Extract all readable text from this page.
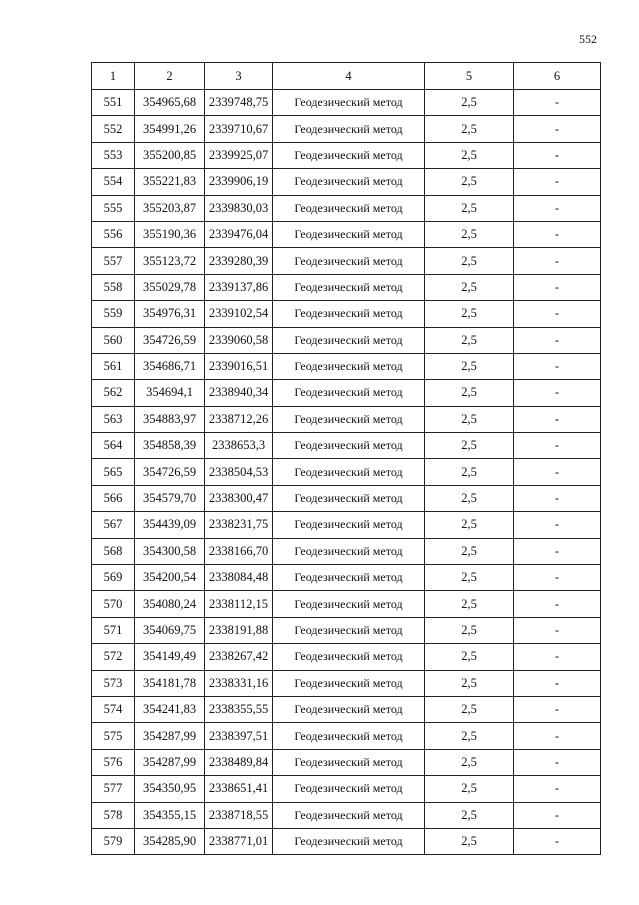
552
1	2	3	4	5	6
551	354965,68	2339748,75	Геодезический метод	2,5	-
552	354991,26	2339710,67	Геодезический метод	2,5	-
553	355200,85	2339925,07	Геодезический метод	2,5	-
554	355221,83	2339906,19	Геодезический метод	2,5	-
555	355203,87	2339830,03	Геодезический метод	2,5	-
556	355190,36	2339476,04	Геодезический метод	2,5	-
557	355123,72	2339280,39	Геодезический метод	2,5	-
558	355029,78	2339137,86	Геодезический метод	2,5	-
559	354976,31	2339102,54	Геодезический метод	2,5	-
560	354726,59	2339060,58	Геодезический метод	2,5	-
561	354686,71	2339016,51	Геодезический метод	2,5	-
562	354694,1	2338940,34	Геодезический метод	2,5	-
563	354883,97	2338712,26	Геодезический метод	2,5	-
564	354858,39	2338653,3	Геодезический метод	2,5	-
565	354726,59	2338504,53	Геодезический метод	2,5	-
566	354579,70	2338300,47	Геодезический метод	2,5	-
567	354439,09	2338231,75	Геодезический метод	2,5	-
568	354300,58	2338166,70	Геодезический метод	2,5	-
569	354200,54	2338084,48	Геодезический метод	2,5	-
570	354080,24	2338112,15	Геодезический метод	2,5	-
571	354069,75	2338191,88	Геодезический метод	2,5	-
572	354149,49	2338267,42	Геодезический метод	2,5	-
573	354181,78	2338331,16	Геодезический метод	2,5	-
574	354241,83	2338355,55	Геодезический метод	2,5	-
575	354287,99	2338397,51	Геодезический метод	2,5	-
576	354287,99	2338489,84	Геодезический метод	2,5	-
577	354350,95	2338651,41	Геодезический метод	2,5	-
578	354355,15	2338718,55	Геодезический метод	2,5	-
579	354285,90	2338771,01	Геодезический метод	2,5	-
